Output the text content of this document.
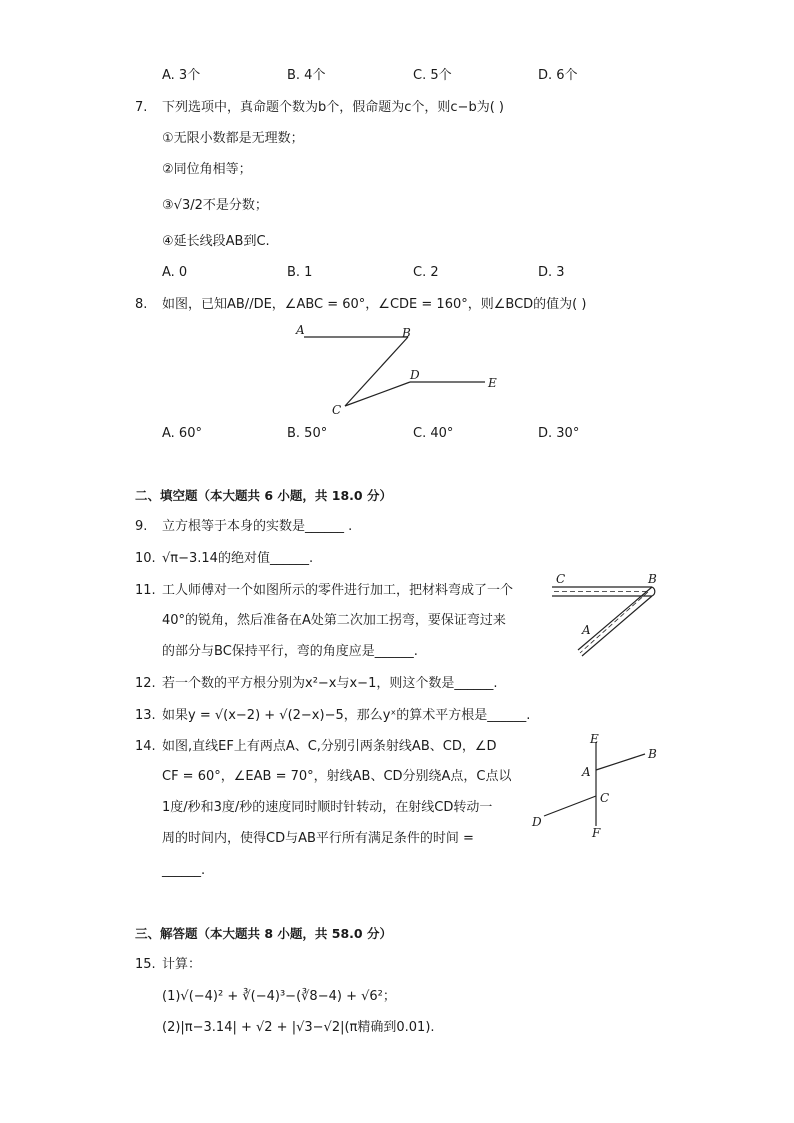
A. 3个	B. 4个	C. 5个	D. 6个
7. 下列选项中，真命题个数为b个，假命题为c个，则c−b为( )
①无限小数都是无理数；
②同位角相等；
③√3/2不是分数；
④延长线段AB到C.
A. 0	B. 1	C. 2	D. 3
8. 如图，已知AB//DE，∠ABC = 60°，∠CDE = 160°，则∠BCD的值为( )
A	B
C
D
E
A. 60°	B. 50°	C. 40°	D. 30°
二、填空题（本大题共 6 小题，共 18.0 分）
9. 立方根等于本身的实数是______ .
10. √π−3.14的绝对值______.
11. 工人师傅对一个如图所示的零件进行加工，把材料弯成了一个
40°的锐角，然后准备在A处第二次加工拐弯，要保证弯过来
的部分与BC保持平行，弯的角度应是______.
C	B
A
12. 若一个数的平方根分别为x²−x与x−1，则这个数是______.
13. 如果y = √(x−2) + √(2−x)−5，那么yˣ的算术平方根是______.
14. 如图,直线EF上有两点A、C,分别引两条射线AB、CD，∠D
CF = 60°，∠EAB = 70°，射线AB、CD分别绕A点，C点以
1度/秒和3度/秒的速度同时顺时针转动，在射线CD转动一
周的时间内，使得CD与AB平行所有满足条件的时间 =
______.
E
B
A
C
D
F
三、解答题（本大题共 8 小题，共 58.0 分）
15. 计算：
(1)√(−4)² + ∛(−4)³−(∛8−4) + √6²；
(2)|π−3.14| + √2 + |√3−√2|(π精确到0.01).
